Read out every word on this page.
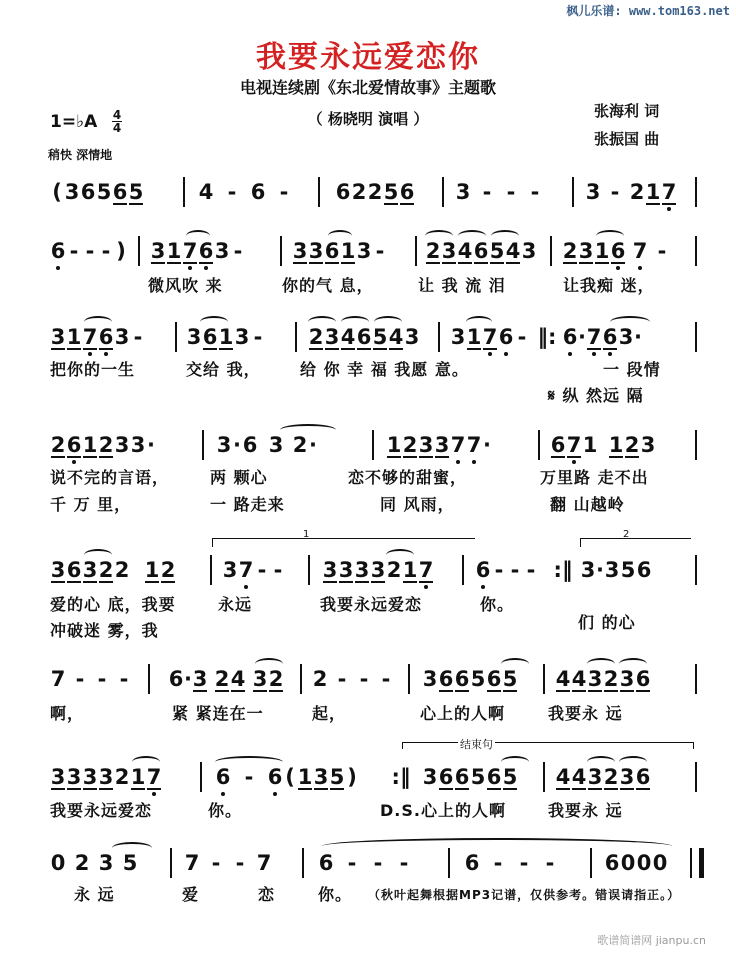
枫儿乐谱: www.tom163.net
我要永远爱恋你
电视连续剧《东北爱情故事》主题歌
（ 杨晓明 演唱 ）	张海利 词
张振国 曲
1=♭A 4
4
稍快 深情地
( 3 6 5 6 5	4 - 6 - 6 2 2 5 6 3 - - - 3 - 2 1 7
6 - - - ) 3 1 7 6 3 - 3 3 6 1 3 - 2 3 4 6 5 4 3 2 3 1 6 7 -
微风吹 来	你的气 息，	让 我 流 泪	让我痴 迷，
3 1 7 6 3 - 3 6 1 3 - 2 3 4 6 5 4 3 3 1 7 6 - ‖: 6 · 7 6 3 ·
把你的一生	交给 我， 给 你 幸 福 我愿 意。	一 段情
𝄋 纵 然远 隔
2 6 1 2 3 3 ·	3 · 6 3 2 ·	1 2 3 3 7 7 ·	6 7 1 1 2 3
说不完的言语，	两 颗心	恋不够的甜蜜，	万里路 走不出
千 万 里，	一 路走来	同 风雨，	翻 山越岭
1	2
3 6 3 2 2 1 2 3 7 - - 3 3 3 3 2 1 7 6 - - - :‖ 3 · 3 5 6
爱的心 底，我要	永远	我要永远爱恋	你。
冲破迷 雾，我	们 的心
7 - - - 6 · 3 2 4 3 2 2 - - - 3 6 6 5 6 5 4 4 3 2 3 6
啊，	紧 紧连在一	起，	心上的人啊	我要永 远
结束句
3 3 3 3 2 1 7	6 - 6 ( 1 3 5 ) :‖ 3 6 6 5 6 5 4 4 3 2 3 6
我要永远爱恋	你。	D.S.心上的人啊	我要永 远
0 2 3 5 7 - - 7 6 - - -	6 - - - 6 0 0 0
永 远	爱	恋	你。 （秋叶起舞根据MP3记谱，仅供参考。错误请指正。）
歌谱简谱网 jianpu.cn
